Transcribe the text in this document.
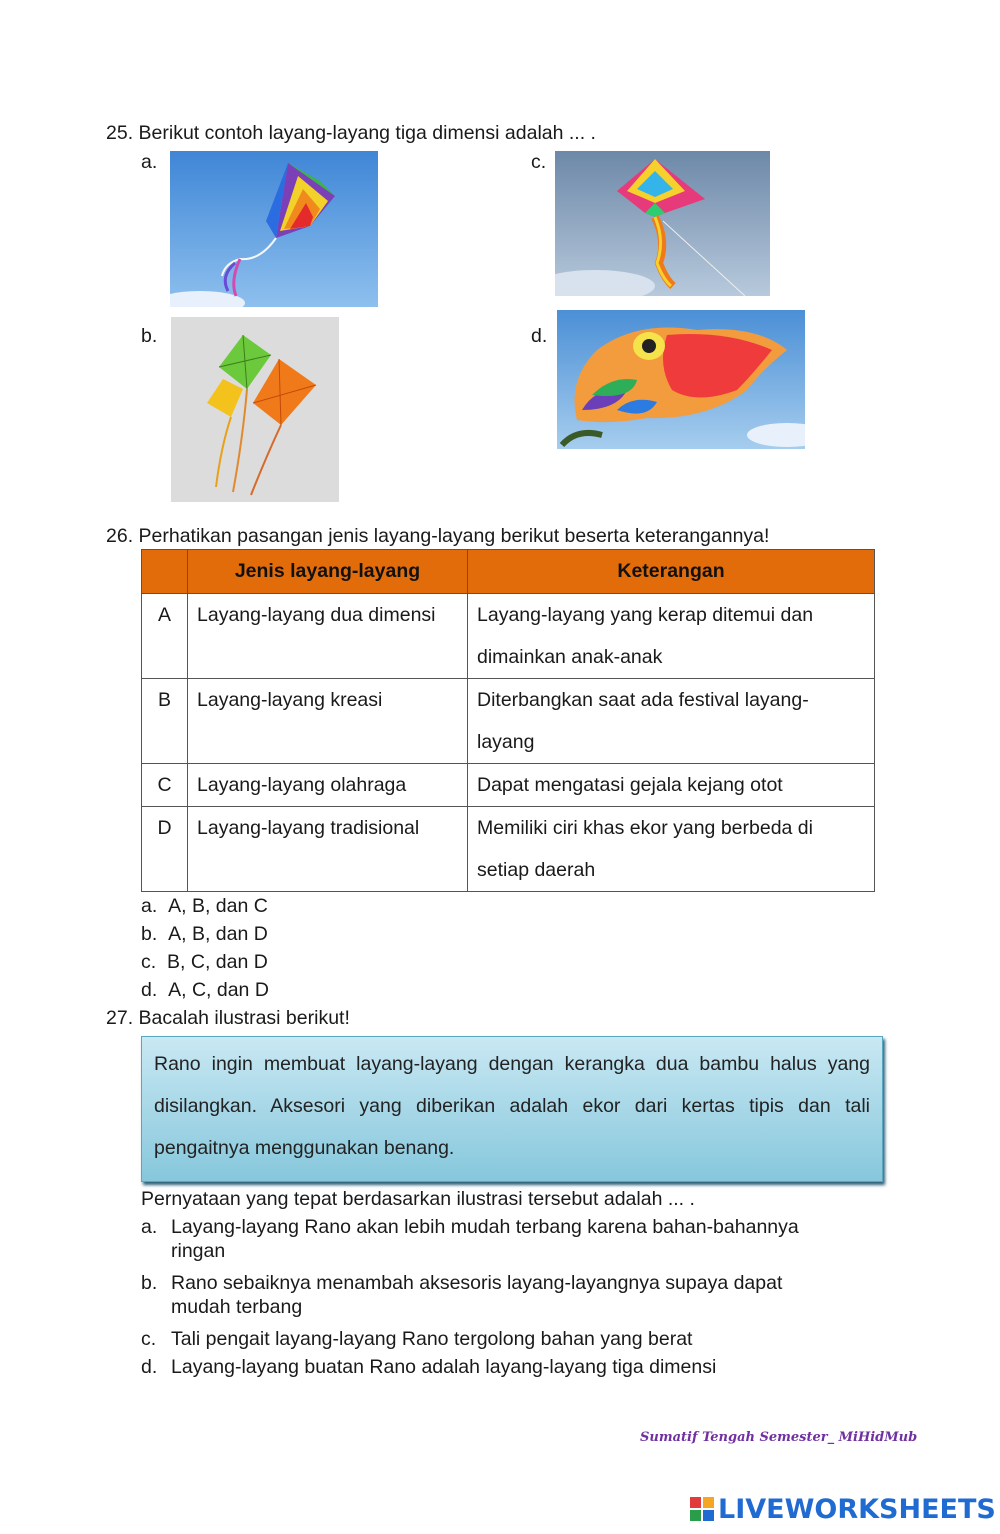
25. Berikut contoh layang-layang tiga dimensi adalah ... .
a.
b.
c.
d.
26. Perhatikan pasangan jenis layang-layang berikut beserta keterangannya!
	Jenis layang-layang	Keterangan
A	Layang-layang dua dimensi	Layang-layang yang kerap ditemui dan dimainkan anak-anak
B	Layang-layang kreasi	Diterbangkan saat ada festival layang-layang
C	Layang-layang olahraga	Dapat mengatasi gejala kejang otot
D	Layang-layang tradisional	Memiliki ciri khas ekor yang berbeda di setiap daerah
a. A, B, dan C
b. A, B, dan D
c. B, C, dan D
d. A, C, dan D
27. Bacalah ilustrasi berikut!
Rano ingin membuat layang-layang dengan kerangka dua bambu halus yang disilangkan. Aksesori yang diberikan adalah ekor dari kertas tipis dan tali pengaitnya menggunakan benang.
Pernyataan yang tepat berdasarkan ilustrasi tersebut adalah ... .
a. Layang-layang Rano akan lebih mudah terbang karena bahan-bahannya ringan
b. Rano sebaiknya menambah aksesoris layang-layangnya supaya dapat mudah terbang
c. Tali pengait layang-layang Rano tergolong bahan yang berat
d. Layang-layang buatan Rano adalah layang-layang tiga dimensi
Sumatif Tengah Semester_ MiHidMub
LIVEWORKSHEETS
